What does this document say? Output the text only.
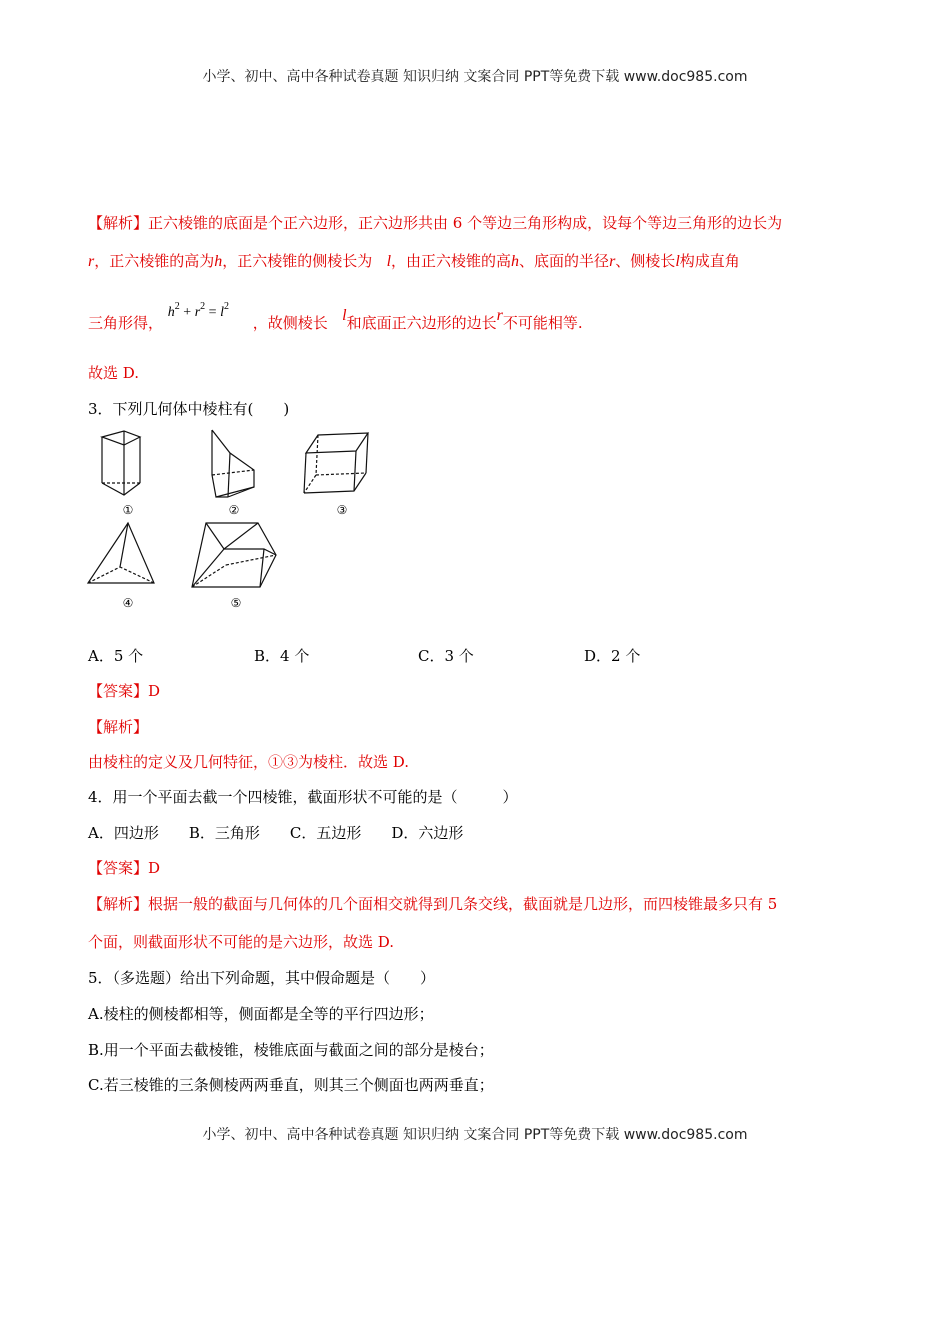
小学、初中、高中各种试卷真题 知识归纳 文案合同 PPT等免费下载 www.doc985.com
【解析】正六棱锥的底面是个正六边形，正六边形共由 6 个等边三角形构成，设每个等边三角形的边长为
r，正六棱锥的高为h，正六棱锥的侧棱长为 l，由正六棱锥的高h、底面的半径r、侧棱长l构成直角
三角形得， $h^2 + r^2 = l^2$     ，故侧棱长 l和底面正六边形的边长r不可能相等.
故选 D.
3．下列几何体中棱柱有(　　)
①	②	③
④	⑤
A．5 个	B．4 个	C．3 个	D．2 个
【答案】D
【解析】
由棱柱的定义及几何特征，①③为棱柱．故选 D.
4．用一个平面去截一个四棱锥，截面形状不可能的是（　　　）
A．四边形　　B．三角形　　C．五边形　　D．六边形
【答案】D
【解析】根据一般的截面与几何体的几个面相交就得到几条交线，截面就是几边形，而四棱锥最多只有 5
个面，则截面形状不可能的是六边形，故选 D.
5．（多选题）给出下列命题，其中假命题是（　　）
A.棱柱的侧棱都相等，侧面都是全等的平行四边形；
B.用一个平面去截棱锥，棱锥底面与截面之间的部分是棱台；
C.若三棱锥的三条侧棱两两垂直，则其三个侧面也两两垂直；
小学、初中、高中各种试卷真题 知识归纳 文案合同 PPT等免费下载 www.doc985.com
